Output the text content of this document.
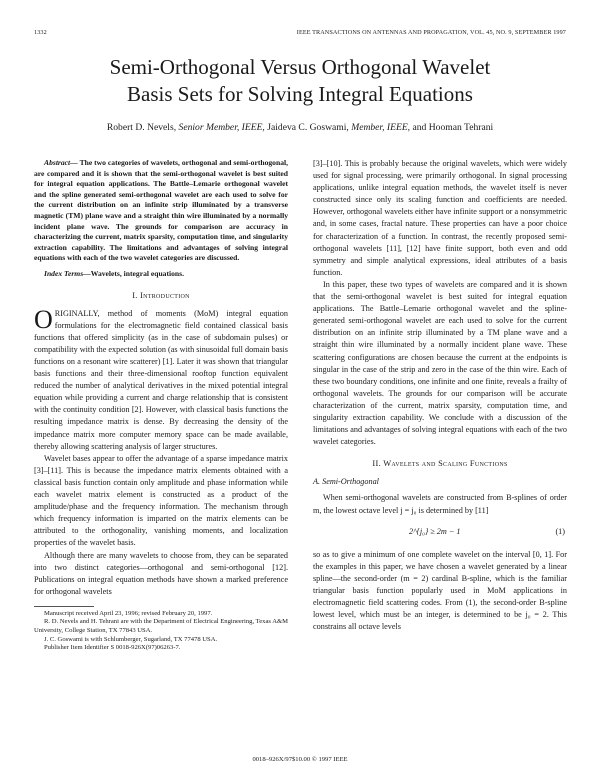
1332	IEEE TRANSACTIONS ON ANTENNAS AND PROPAGATION, VOL. 45, NO. 9, SEPTEMBER 1997
Semi-Orthogonal Versus Orthogonal Wavelet
Basis Sets for Solving Integral Equations
Robert D. Nevels, Senior Member, IEEE, Jaideva C. Goswami, Member, IEEE, and Hooman Tehrani

Abstract— The two categories of wavelets, orthogonal and semi-orthogonal, are compared and it is shown that the semi-orthogonal wavelet is best suited for integral equation applications. The Battle–Lemarie orthogonal wavelet and the spline generated semi-orthogonal wavelet are each used to solve for the current distribution on an infinite strip illuminated by a transverse magnetic (TM) plane wave and a straight thin wire illuminated by a normally incident plane wave. The grounds for comparison are accuracy in characterizing the current, matrix sparsity, computation time, and singularity extraction capability. The limitations and advantages of solving integral equations with each of the two wavelet categories are discussed.

Index Terms—Wavelets, integral equations.

I. Introduction

ORIGINALLY, method of moments (MoM) integral equation formulations for the electromagnetic field contained classical basis functions that offered simplicity (as in the case of subdomain pulses) or compatibility with the expected solution (as with sinusoidal full domain basis functions on a resonant wire scatterer) [1]. Later it was shown that triangular basis functions and their three-dimensional rooftop function equivalent reduced the number of analytical derivatives in the mixed potential integral equation while providing a current and charge relationship that is consistent with the continuity condition [2]. However, with classical basis functions the resulting impedance matrix is dense. By decreasing the density of the impedance matrix more computer memory space can be made available, thereby allowing scattering analysis of larger structures.

Wavelet bases appear to offer the advantage of a sparse impedance matrix [3]–[11]. This is because the impedance matrix elements obtained with a classical basis function contain only amplitude and phase information while each wavelet matrix element is constructed as a product of the amplitude/phase and the frequency information. The mechanism through which frequency information is imparted on the matrix elements can be attributed to the orthogonality, vanishing moments, and localization properties of the wavelet basis.

Although there are many wavelets to choose from, they can be separated into two distinct categories—orthogonal and semi-orthogonal [12]. Publications on integral equation methods have shown a marked preference for orthogonal wavelets

Manuscript received April 23, 1996; revised February 20, 1997.

R. D. Nevels and H. Tehrani are with the Department of Electrical Engineering, Texas A&M University, College Station, TX 77843 USA.

J. C. Goswami is with Schlumberger, Sugarland, TX 77478 USA.

Publisher Item Identifier S 0018-926X(97)06263-7.

[3]–[10]. This is probably because the original wavelets, which were widely used for signal processing, were primarily orthogonal. In signal processing applications, unlike integral equation methods, the wavelet itself is never constructed since only its scaling function and coefficients are needed. However, orthogonal wavelets either have infinite support or a nonsymmetric and, in some cases, fractal nature. These properties can have a poor choice for characterization of a function. In contrast, the recently proposed semi-orthogonal wavelets [11], [12] have finite support, both even and odd symmetry and simple analytical expressions, ideal attributes of a basis function.

In this paper, these two types of wavelets are compared and it is shown that the semi-orthogonal wavelet is best suited for integral equation applications. The Battle–Lemarie orthogonal wavelet and the spline-generated semi-orthogonal wavelet are each used to solve for the current distribution on an infinite strip illuminated by a TM plane wave and a straight thin wire illuminated by a normally incident plane wave. These scattering configurations are chosen because the current at the endpoints is singular in the case of the strip and zero in the case of the thin wire. Each of these two boundary conditions, one infinite and one finite, reveals a frailty of orthogonal wavelets. The grounds for our comparison will be accurate characterization of the current, matrix sparsity, computation time, and singularity extraction capability. We conclude with a discussion of the limitations and advantages of solving integral equations with each of the two wavelet categories.

II. Wavelets and Scaling Functions
A. Semi-Orthogonal

When semi-orthogonal wavelets are constructed from B-splines of order m, the lowest octave level j = j₀ is determined by [11]

2^{j₀} ≥ 2m − 1	(1)

so as to give a minimum of one complete wavelet on the interval [0, 1]. For the examples in this paper, we have chosen a wavelet generated by a linear spline—the second-order (m = 2) cardinal B-spline, which is the familiar triangular basis function popularly used in MoM applications in electromagnetic field scattering codes. From (1), the second-order B-spline lowest level, which must be an integer, is determined to be j₀ = 2. This constrains all octave levels

0018–926X/97$10.00 © 1997 IEEE
